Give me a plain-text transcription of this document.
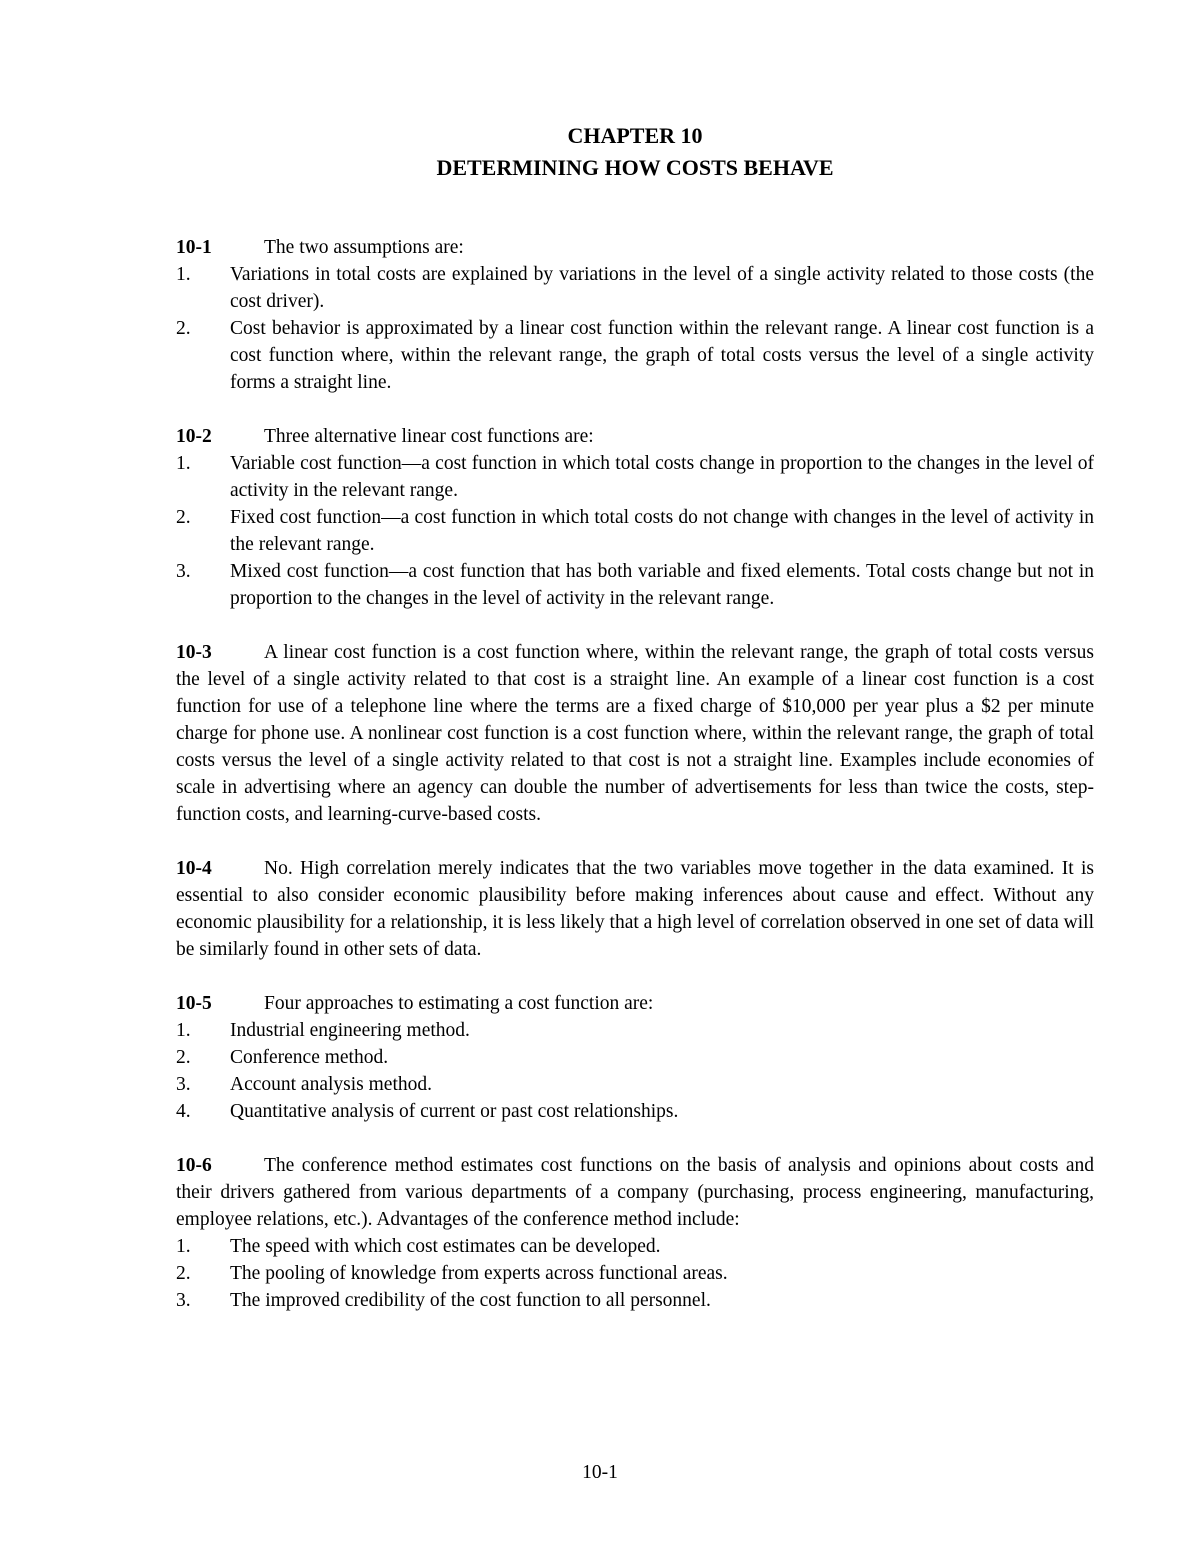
CHAPTER 10
DETERMINING HOW COSTS BEHAVE

10-1	The two assumptions are:

1. Variations in total costs are explained by variations in the level of a single activity related to those costs (the cost driver).
2. Cost behavior is approximated by a linear cost function within the relevant range. A linear cost function is a cost function where, within the relevant range, the graph of total costs versus the level of a single activity forms a straight line.

10-2	Three alternative linear cost functions are:

1. Variable cost function—a cost function in which total costs change in proportion to the changes in the level of activity in the relevant range.
2. Fixed cost function—a cost function in which total costs do not change with changes in the level of activity in the relevant range.
3. Mixed cost function—a cost function that has both variable and fixed elements. Total costs change but not in proportion to the changes in the level of activity in the relevant range.

10-3	A linear cost function is a cost function where, within the relevant range, the graph of total costs versus the level of a single activity related to that cost is a straight line. An example of a linear cost function is a cost function for use of a telephone line where the terms are a fixed charge of $10,000 per year plus a $2 per minute charge for phone use. A nonlinear cost function is a cost function where, within the relevant range, the graph of total costs versus the level of a single activity related to that cost is not a straight line. Examples include economies of scale in advertising where an agency can double the number of advertisements for less than twice the costs, step-function costs, and learning-curve-based costs.

10-4	No. High correlation merely indicates that the two variables move together in the data examined. It is essential to also consider economic plausibility before making inferences about cause and effect. Without any economic plausibility for a relationship, it is less likely that a high level of correlation observed in one set of data will be similarly found in other sets of data.

10-5	Four approaches to estimating a cost function are:

1. Industrial engineering method.
2. Conference method.
3. Account analysis method.
4. Quantitative analysis of current or past cost relationships.

10-6	The conference method estimates cost functions on the basis of analysis and opinions about costs and their drivers gathered from various departments of a company (purchasing, process engineering, manufacturing, employee relations, etc.). Advantages of the conference method include:

1. The speed with which cost estimates can be developed.
2. The pooling of knowledge from experts across functional areas.
3. The improved credibility of the cost function to all personnel.
10-1
